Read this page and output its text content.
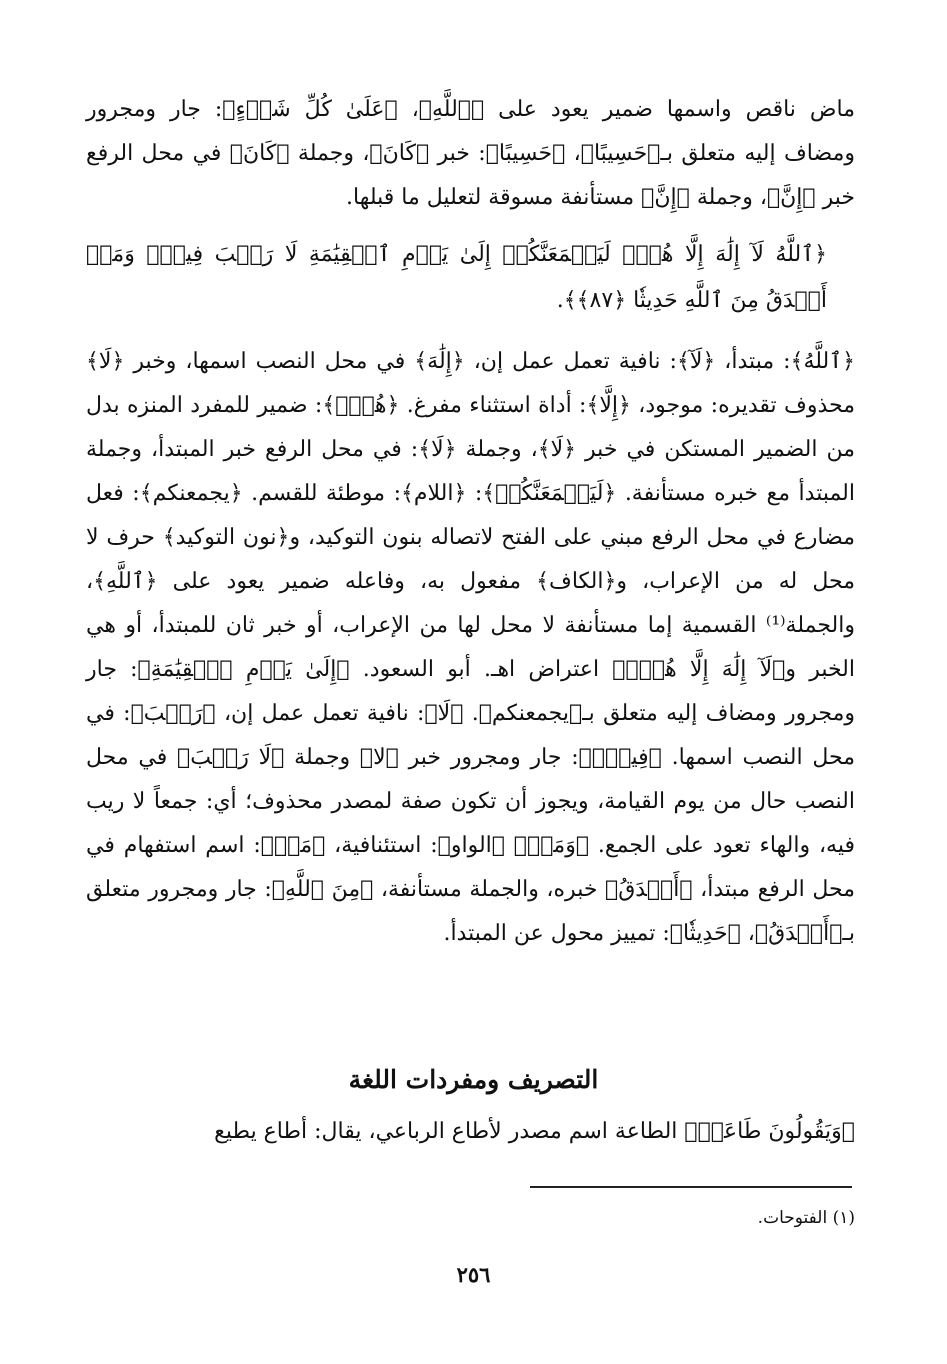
ماض ناقص واسمها ضمير يعود على ﴿ٱللَّهِ﴾، ﴿عَلَىٰ كُلِّ شَيۡءٍ﴾: جار ومجرور ومضاف إليه متعلق بـ﴿حَسِيبًا﴾، ﴿حَسِيبًا﴾: خبر ﴿كَانَ﴾، وجملة ﴿كَانَ﴾ في محل الرفع خبر ﴿إِنَّ﴾، وجملة ﴿إِنَّ﴾ مستأنفة مسوقة لتعليل ما قبلها.

﴿ٱللَّهُ لَآ إِلَٰهَ إِلَّا هُوَۚ لَيَجۡمَعَنَّكُمۡ إِلَىٰ يَوۡمِ ٱلۡقِيَٰمَةِ لَا رَيۡبَ فِيهِۗ وَمَنۡ أَصۡدَقُ مِنَ ٱللَّهِ حَدِيثٗا ﴿٨٧﴾﴾.

﴿ٱللَّهُ﴾: مبتدأ، ﴿لَآ﴾: نافية تعمل عمل إن، ﴿إِلَٰهَ﴾ في محل النصب اسمها، وخبر ﴿لَا﴾ محذوف تقديره: موجود، ﴿إِلَّا﴾: أداة استثناء مفرغ. ﴿هُوَۚ﴾: ضمير للمفرد المنزه بدل من الضمير المستكن في خبر ﴿لَا﴾، وجملة ﴿لَا﴾: في محل الرفع خبر المبتدأ، وجملة المبتدأ مع خبره مستأنفة. ﴿لَيَجۡمَعَنَّكُمۡ﴾: ﴿اللام﴾: موطئة للقسم. ﴿يجمعنكم﴾: فعل مضارع في محل الرفع مبني على الفتح لاتصاله بنون التوكيد، و﴿نون التوكيد﴾ حرف لا محل له من الإعراب، و﴿الكاف﴾ مفعول به، وفاعله ضمير يعود على ﴿ٱللَّهِ﴾، والجملة⁽¹⁾ القسمية إما مستأنفة لا محل لها من الإعراب، أو خبر ثان للمبتدأ، أو هي الخبر و﴿لَآ إِلَٰهَ إِلَّا هُوَۚ﴾ اعتراض اهـ. أبو السعود. ﴿إِلَىٰ يَوۡمِ ٱلۡقِيَٰمَةِ﴾: جار ومجرور ومضاف إليه متعلق بـ﴿يجمعنكم﴾. ﴿لَا﴾: نافية تعمل عمل إن، ﴿رَيۡبَ﴾: في محل النصب اسمها. ﴿فِيهِۗ﴾: جار ومجرور خبر ﴿لا﴾ وجملة ﴿لَا رَيۡبَ﴾ في محل النصب حال من يوم القيامة، ويجوز أن تكون صفة لمصدر محذوف؛ أي: جمعاً لا ريب فيه، والهاء تعود على الجمع. ﴿وَمَنۡ﴾ ﴿الواو﴾: استئنافية، ﴿مَنۡ﴾: اسم استفهام في محل الرفع مبتدأ، ﴿أَصۡدَقُ﴾ خبره، والجملة مستأنفة، ﴿مِنَ ٱللَّهِ﴾: جار ومجرور متعلق بـ﴿أَصۡدَقُ﴾، ﴿حَدِيثٗا﴾: تمييز محول عن المبتدأ.

التصريف ومفردات اللغة

﴿وَيَقُولُونَ طَاعَةٞ﴾ الطاعة اسم مصدر لأطاع الرباعي، يقال: أطاع يطيع

(١) الفتوحات.
٢٥٦
